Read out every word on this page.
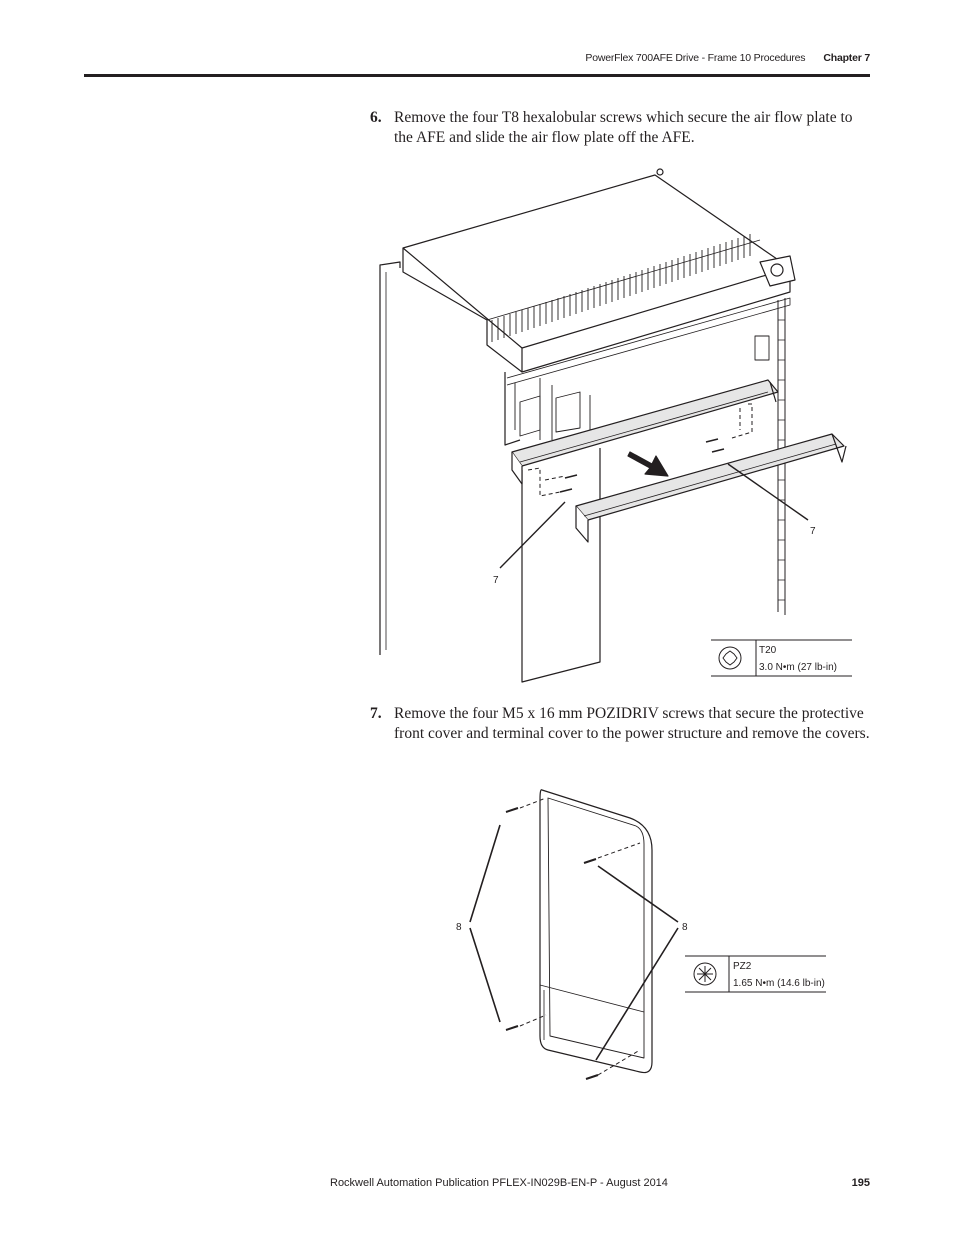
PowerFlex 700AFE Drive - Frame 10 Procedures Chapter 7
6. Remove the four T8 hexalobular screws which secure the air flow plate to the AFE and slide the air flow plate off the AFE.
7
7
T20
3.0 N•m (27 lb-in)
7. Remove the four M5 x 16 mm POZIDRIV screws that secure the protective front cover and terminal cover to the power structure and remove the covers.
8	8
PZ2
1.65 N•m (14.6 lb-in)
Rockwell Automation Publication PFLEX-IN029B-EN-P - August 2014	195
